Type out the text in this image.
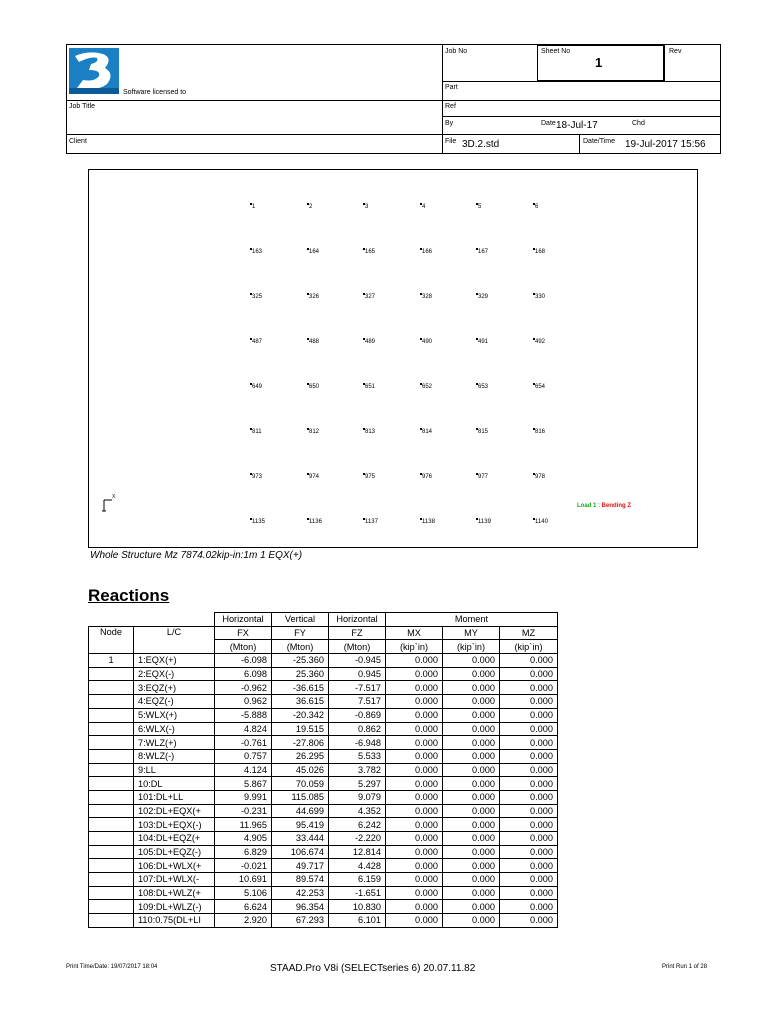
Job No	Sheet No
1
Rev
Software licensed to
Part
Job Title	Ref
By	Date 18-Jul-17	Chd
Client	File 3D.2.std	Date/Time 19-Jul-2017 15:56
1	2	3	4	5	6
163	164	165	166	167	168
325	326	327	328	329	330
487	488	489	490	491	492
649	650	651	652	653	654
811	812	813	814	815	816
973	974	975	976	977	978
1135	1136	1137	1138	1139	1140
X
Load 1 : Bending Z
Whole Structure Mz 7874.02kip-in:1m 1 EQX(+)
Reactions
		Horizontal	Vertical	Horizontal	Moment		
Node	L/C	FX	FY	FZ	MX	MY	MZ
		(Mton)	(Mton)	(Mton)	(kip`in)	(kip`in)	(kip`in)
1	1:EQX(+)	-6.098	-25.360	-0.945	0.000	0.000	0.000
	2:EQX(-)	6.098	25.360	0.945	0.000	0.000	0.000
	3:EQZ(+)	-0.962	-36.615	-7.517	0.000	0.000	0.000
	4:EQZ(-)	0.962	36.615	7.517	0.000	0.000	0.000
	5:WLX(+)	-5.888	-20.342	-0.869	0.000	0.000	0.000
	6:WLX(-)	4.824	19.515	0.862	0.000	0.000	0.000
	7:WLZ(+)	-0.761	-27.806	-6.948	0.000	0.000	0.000
	8:WLZ(-)	0.757	26.295	5.533	0.000	0.000	0.000
	9:LL	4.124	45.026	3.782	0.000	0.000	0.000
	10:DL	5.867	70.059	5.297	0.000	0.000	0.000
	101:DL+LL	9.991	115.085	9.079	0.000	0.000	0.000
	102:DL+EQX(+	-0.231	44.699	4.352	0.000	0.000	0.000
	103:DL+EQX(-)	11.965	95.419	6.242	0.000	0.000	0.000
	104:DL+EQZ(+	4.905	33.444	-2.220	0.000	0.000	0.000
	105:DL+EQZ(-)	6.829	106.674	12.814	0.000	0.000	0.000
	106:DL+WLX(+	-0.021	49.717	4.428	0.000	0.000	0.000
	107:DL+WLX(-	10.691	89.574	6.159	0.000	0.000	0.000
	108:DL+WLZ(+	5.106	42.253	-1.651	0.000	0.000	0.000
	109:DL+WLZ(-)	6.624	96.354	10.830	0.000	0.000	0.000
	110:0.75(DL+LI	2.920	67.293	6.101	0.000	0.000	0.000
Print Time/Date: 19/07/2017 18:04	STAAD.Pro V8i (SELECTseries 6) 20.07.11.82	Print Run 1 of 28
